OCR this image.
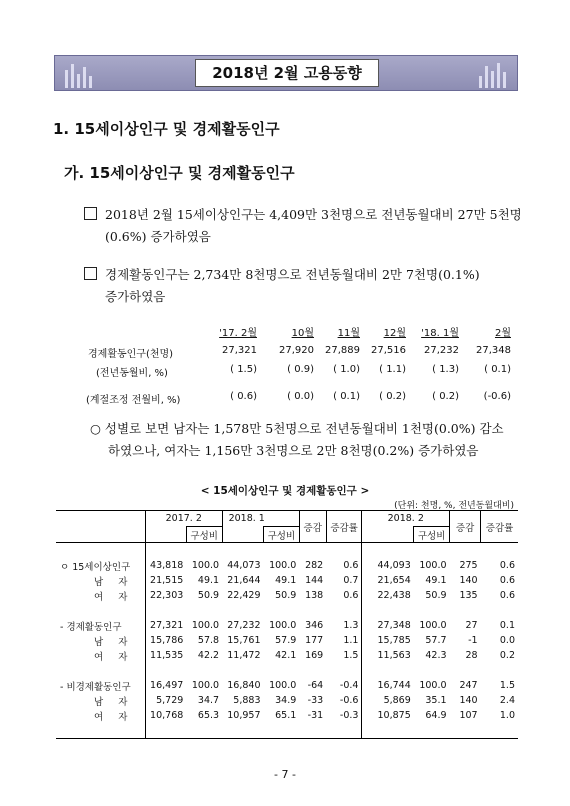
2018년 2월 고용동향
1. 15세이상인구 및 경제활동인구
가. 15세이상인구 및 경제활동인구
2018년 2월 15세이상인구는 4,409만 3천명으로 전년동월대비 27만 5천명
(0.6%) 증가하였음
경제활동인구는 2,734만 8천명으로 전년동월대비 2만 7천명(0.1%)
증가하였음
'17. 2월	10월	11월	12월	'18. 1월	2월
경제활동인구(천명)	27,321	27,920	27,889	27,516	27,232	27,348
(전년동월비, %)	( 1.5)	( 0.9)	( 1.0)	( 1.1)	( 1.3)	( 0.1)
(계절조정 전월비, %)	( 0.6)	( 0.0)	( 0.1)	( 0.2)	( 0.2)	(-0.6)
○ 성별로 보면 남자는 1,578만 5천명으로 전년동월대비 1천명(0.0%) 감소
하였으나, 여자는 1,156만 3천명으로 2만 8천명(0.2%) 증가하였음
< 15세이상인구 및 경제활동인구 >
(단위: 천명, %, 전년동월대비)
	2017. 2		2018. 1		증감	증감률	2018. 2		증감	증감률
		구성비		구성비				구성비		

ㅇ 15세이상인구	43,818	100.0	44,073	100.0	282	0.6	44,093	100.0	275	0.6
남 자	21,515	49.1	21,644	49.1	144	0.7	21,654	49.1	140	0.6
여 자	22,303	50.9	22,429	50.9	138	0.6	22,438	50.9	135	0.6

- 경제활동인구	27,321	100.0	27,232	100.0	346	1.3	27,348	100.0	27	0.1
남 자	15,786	57.8	15,761	57.9	177	1.1	15,785	57.7	-1	0.0
여 자	11,535	42.2	11,472	42.1	169	1.5	11,563	42.3	28	0.2

- 비경제활동인구	16,497	100.0	16,840	100.0	-64	-0.4	16,744	100.0	247	1.5
남 자	5,729	34.7	5,883	34.9	-33	-0.6	5,869	35.1	140	2.4
여 자	10,768	65.3	10,957	65.1	-31	-0.3	10,875	64.9	107	1.0

- 7 -
